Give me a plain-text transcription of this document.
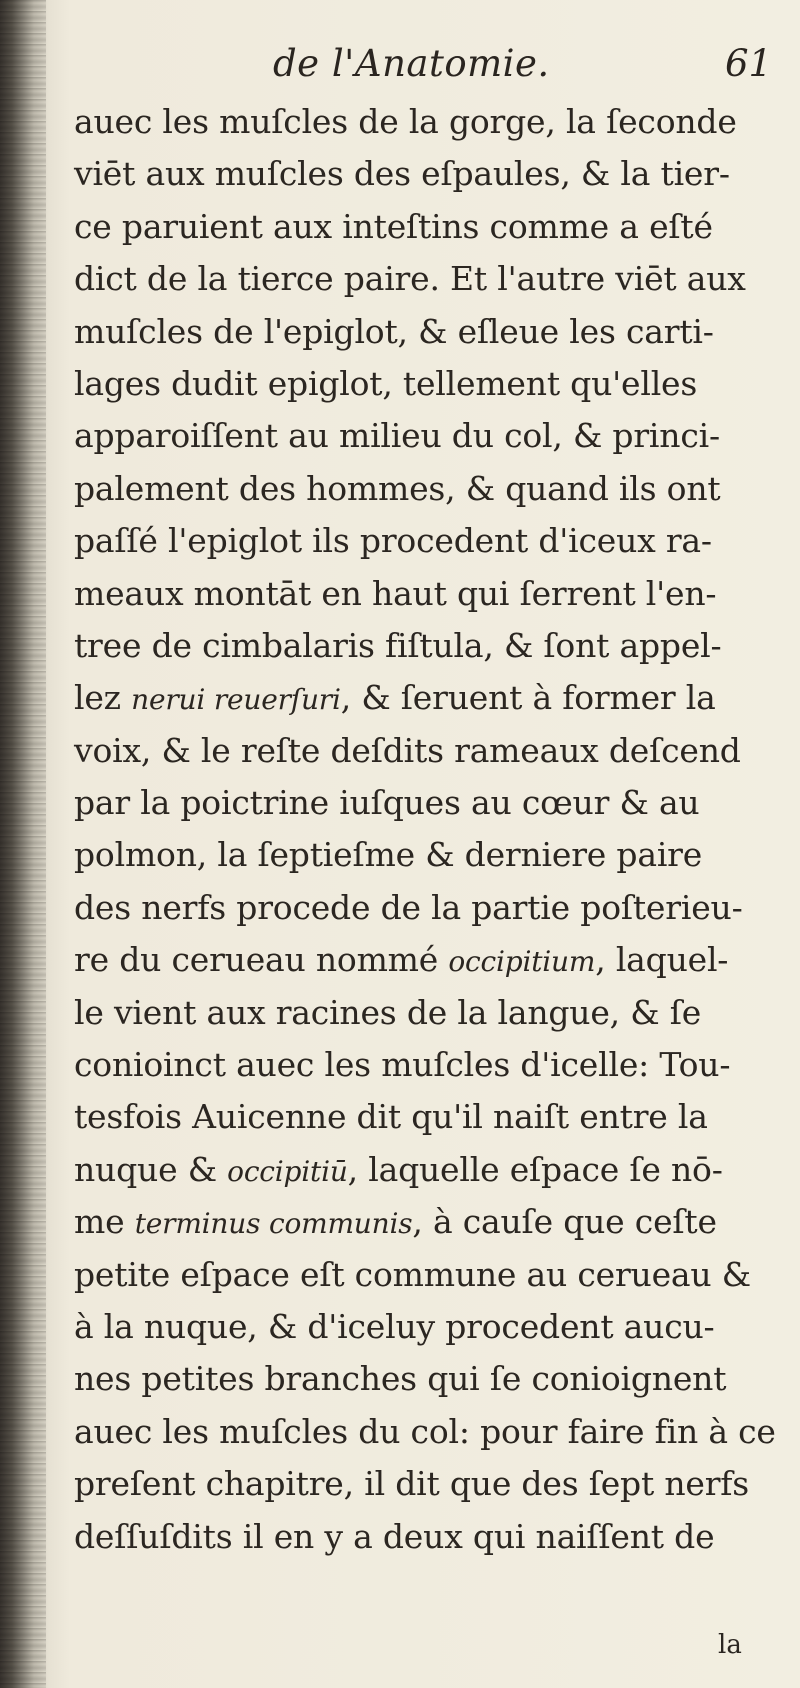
de l'Anatomie.	61
auec les muſcles de la gorge, la ſeconde
viēt aux muſcles des eſpaules, & la tier-
ce paruient aux inteſtins comme a eſté
dict de la tierce paire. Et l'autre viēt aux
muſcles de l'epiglot, & eſleue les carti-
lages dudit epiglot, tellement qu'elles
apparoiſſent au milieu du col, & princi-
palement des hommes, & quand ils ont
paſſé l'epiglot ils procedent d'iceux ra-
meaux montāt en haut qui ſerrent l'en-
tree de cimbalaris fiſtula, & ſont appel-
lez nerui reuerſuri, & ſeruent à former la
voix, & le reſte deſdits rameaux deſcend
par la poictrine iuſques au cœur & au
polmon, la ſeptieſme & derniere paire
des nerfs procede de la partie poſterieu-
re du cerueau nommé occipitium, laquel-
le vient aux racines de la langue, & ſe
conioinct auec les muſcles d'icelle: Tou-
tesfois Auicenne dit qu'il naiſt entre la
nuque & occipitiū, laquelle eſpace ſe nō-
me terminus communis, à cauſe que ceſte
petite eſpace eſt commune au cerueau &
à la nuque, & d'iceluy procedent aucu-
nes petites branches qui ſe conioignent
auec les muſcles du col: pour faire fin à ce
preſent chapitre, il dit que des ſept nerfs
deſſuſdits il en y a deux qui naiſſent de
la
